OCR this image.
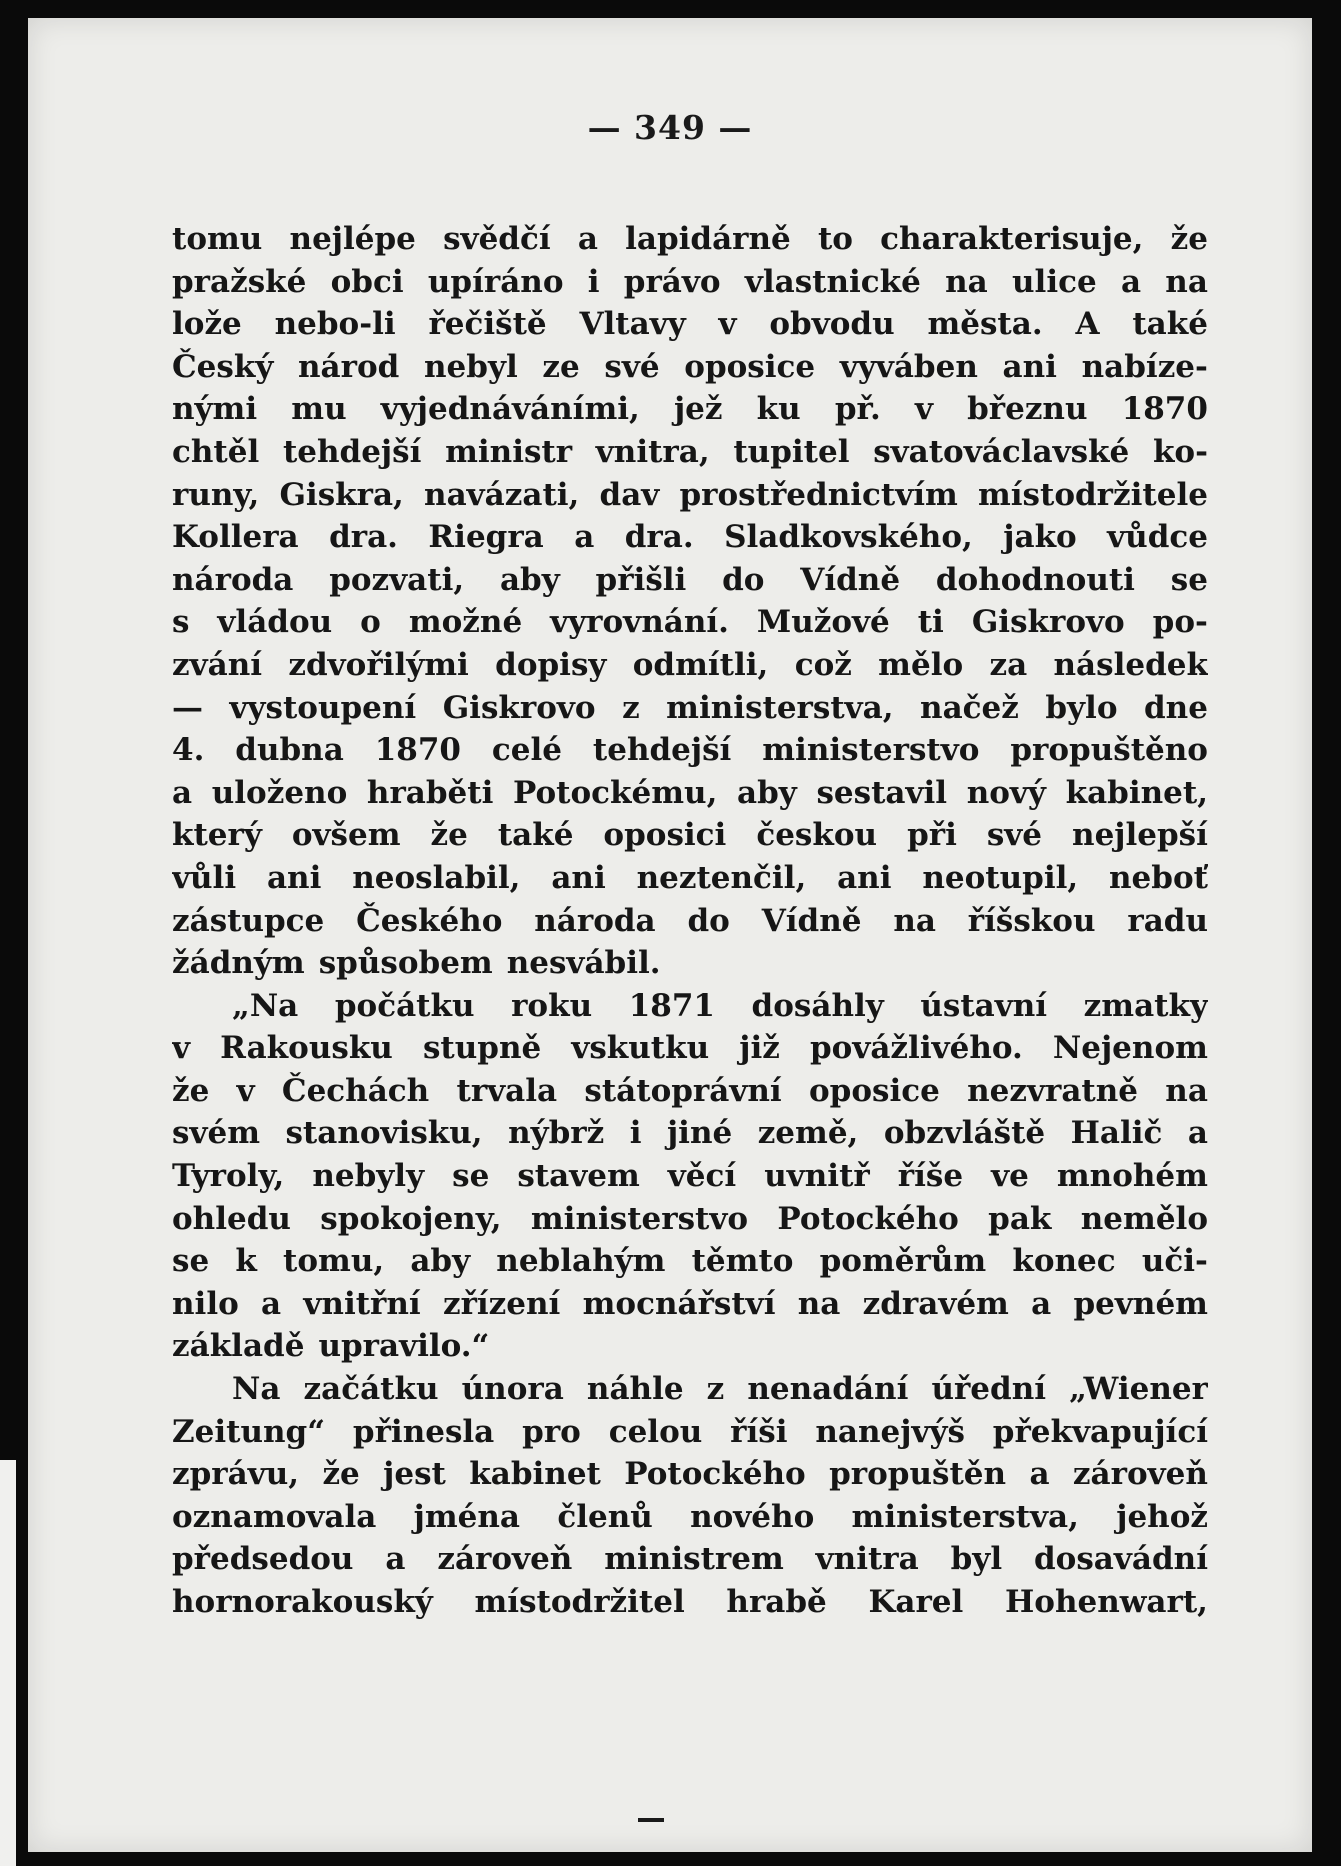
— 349 —
tomu nejlépe svědčí a lapidárně to charakterisuje, že
pražské obci upíráno i právo vlastnické na ulice a na
lože nebo-li řečiště Vltavy v obvodu města. A také
Český národ nebyl ze své oposice vyváben ani nabíze-
nými mu vyjednáváními, jež ku př. v březnu 1870
chtěl tehdejší ministr vnitra, tupitel svatováclavské ko-
runy, Giskra, navázati, dav prostřednictvím místodržitele
Kollera dra. Riegra a dra. Sladkovského, jako vůdce
národa pozvati, aby přišli do Vídně dohodnouti se
s vládou o možné vyrovnání. Mužové ti Giskrovo po-
zvání zdvořilými dopisy odmítli, což mělo za následek
— vystoupení Giskrovo z ministerstva, načež bylo dne
4. dubna 1870 celé tehdejší ministerstvo propuštěno
a uloženo hraběti Potockému, aby sestavil nový kabinet,
který ovšem že také oposici českou při své nejlepší
vůli ani neoslabil, ani neztenčil, ani neotupil, neboť
zástupce Českého národa do Vídně na říšskou radu
žádným spůsobem nesvábil.
„Na počátku roku 1871 dosáhly ústavní zmatky
v Rakousku stupně vskutku již povážlivého. Nejenom
že v Čechách trvala státoprávní oposice nezvratně na
svém stanovisku, nýbrž i jiné země, obzvláště Halič a
Tyroly, nebyly se stavem věcí uvnitř říše ve mnohém
ohledu spokojeny, ministerstvo Potockého pak nemělo
se k tomu, aby neblahým těmto poměrům konec uči-
nilo a vnitřní zřízení mocnářství na zdravém a pevném
základě upravilo.“
Na začátku února náhle z nenadání úřední „Wiener
Zeitung“ přinesla pro celou říši nanejvýš překvapující
zprávu, že jest kabinet Potockého propuštěn a zároveň
oznamovala jména členů nového ministerstva, jehož
předsedou a zároveň ministrem vnitra byl dosavádní
hornorakouský místodržitel hrabě Karel Hohenwart,
